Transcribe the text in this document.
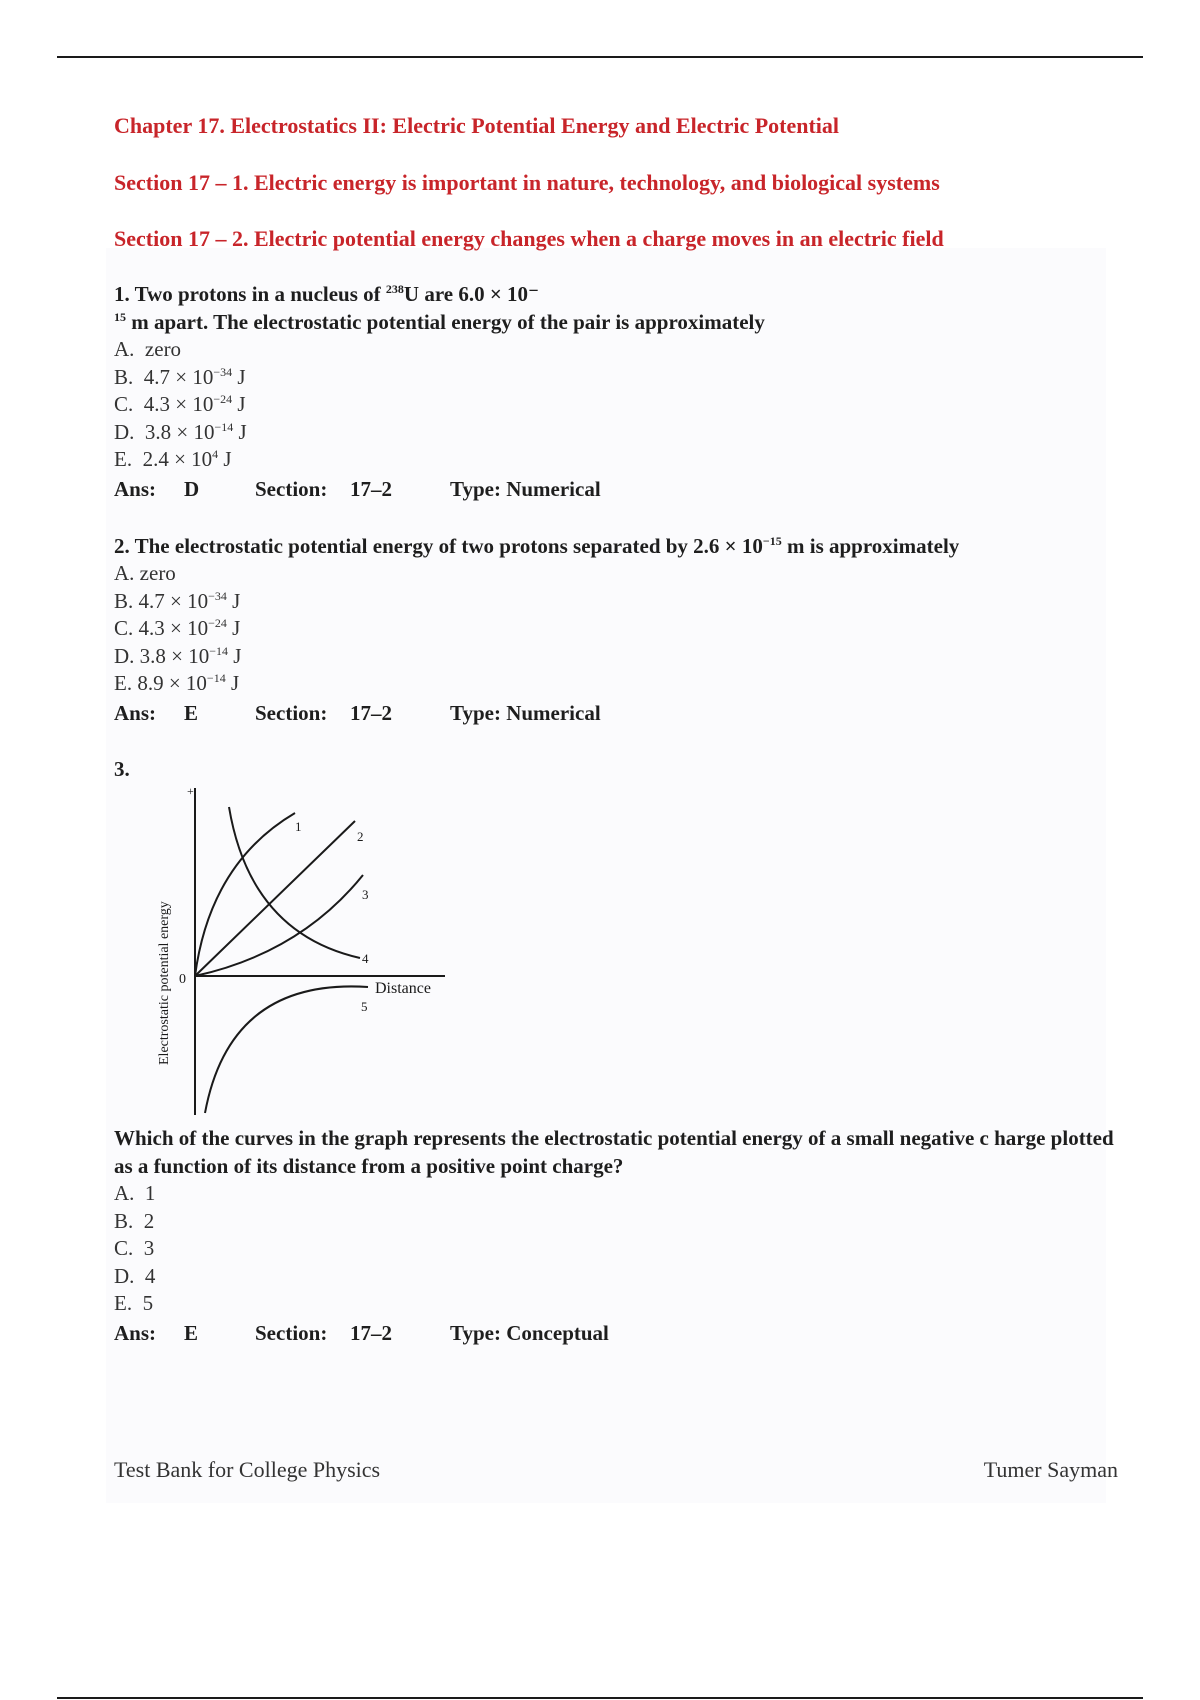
Chapter 17. Electrostatics II: Electric Potential Energy and Electric Potential
Section 17 – 1. Electric energy is important in nature, technology, and biological systems
Section 17 – 2. Electric potential energy changes when a charge moves in an electric field
1. Two protons in a nucleus of $^{238}$U are 6.0 × 10⁻
$^{15}$ m apart. The electrostatic potential energy of the pair is approximately
A. zero
B. $4.7 \times 10^{-34}$ J
C. $4.3 \times 10^{-24}$ J
D. $3.8 \times 10^{-14}$ J
E. $2.4 \times 10^4$ J
Ans: D	Section: 17–2	Type: Numerical
2. The electrostatic potential energy of two protons separated by $2.6 \times 10^{-15}$ m is approximately
A. zero
B. $4.7 \times 10^{-34}$ J
C. $4.3 \times 10^{-24}$ J
D. $3.8 \times 10^{-14}$ J
E. $8.9 \times 10^{-14}$ J
Ans: E	Section: 17–2	Type: Numerical
3.
+
0
Distance
1
2
3
4
5
Electrostatic potential energy
Which of the curves in the graph represents the electrostatic potential energy of a small negative c harge plotted as a function of its distance from a positive point charge?
A. 1
B. 2
C. 3
D. 4
E. 5
Ans: E	Section: 17–2	Type: Conceptual
Test Bank for College Physics	Tumer Sayman
